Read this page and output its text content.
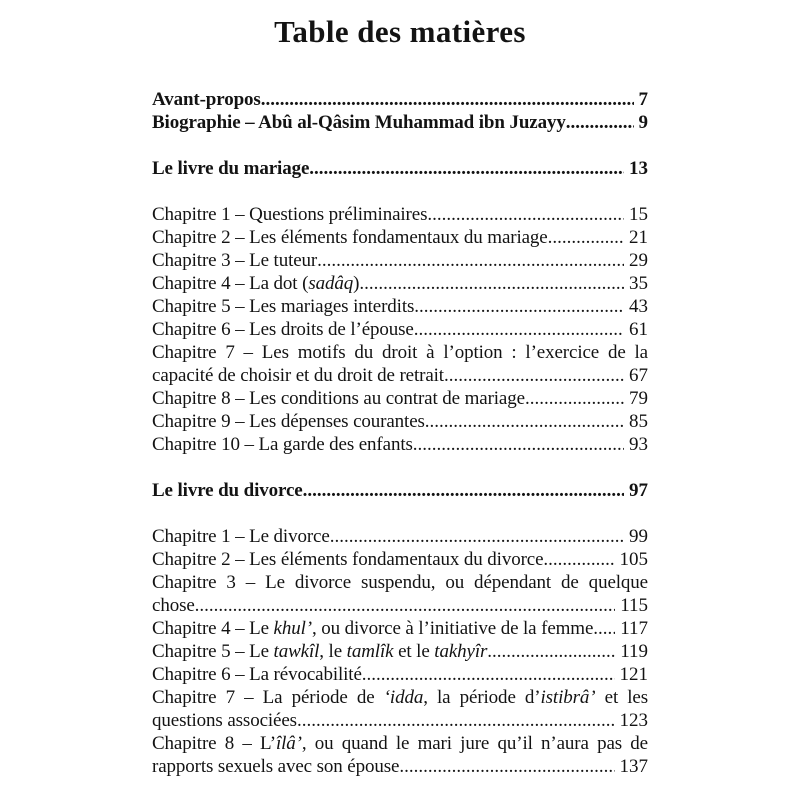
Table des matières
Avant-propos .....	7
Biographie – Abû al-Qâsim Muhammad ibn Juzayy .....	9
Le livre du mariage .....	13
Chapitre 1 – Questions préliminaires .....	15
Chapitre 2 – Les éléments fondamentaux du mariage .....	21
Chapitre 3 – Le tuteur .....	29
Chapitre 4 – La dot (sadâq) .....	35
Chapitre 5 – Les mariages interdits .....	43
Chapitre 6 – Les droits de l’épouse .....	61
Chapitre 7 – Les motifs du droit à l’option : l’exercice de la
capacité de choisir et du droit de retrait .....	67
Chapitre 8 – Les conditions au contrat de mariage .....	79
Chapitre 9 – Les dépenses courantes .....	85
Chapitre 10 – La garde des enfants .....	93
Le livre du divorce .....	97
Chapitre 1 – Le divorce .....	99
Chapitre 2 – Les éléments fondamentaux du divorce .....	105
Chapitre 3 – Le divorce suspendu, ou dépendant de quelque
chose .....	115
Chapitre 4 – Le khul’, ou divorce à l’initiative de la femme ..... 117
Chapitre 5 – Le tawkîl, le tamlîk et le takhyîr .....	119
Chapitre 6 – La révocabilité .....	121
Chapitre 7 – La période de ‘idda, la période d’istibrâ’ et les
questions associées .....	123
Chapitre 8 – L’îlâ’, ou quand le mari jure qu’il n’aura pas de
rapports sexuels avec son épouse .....	137
